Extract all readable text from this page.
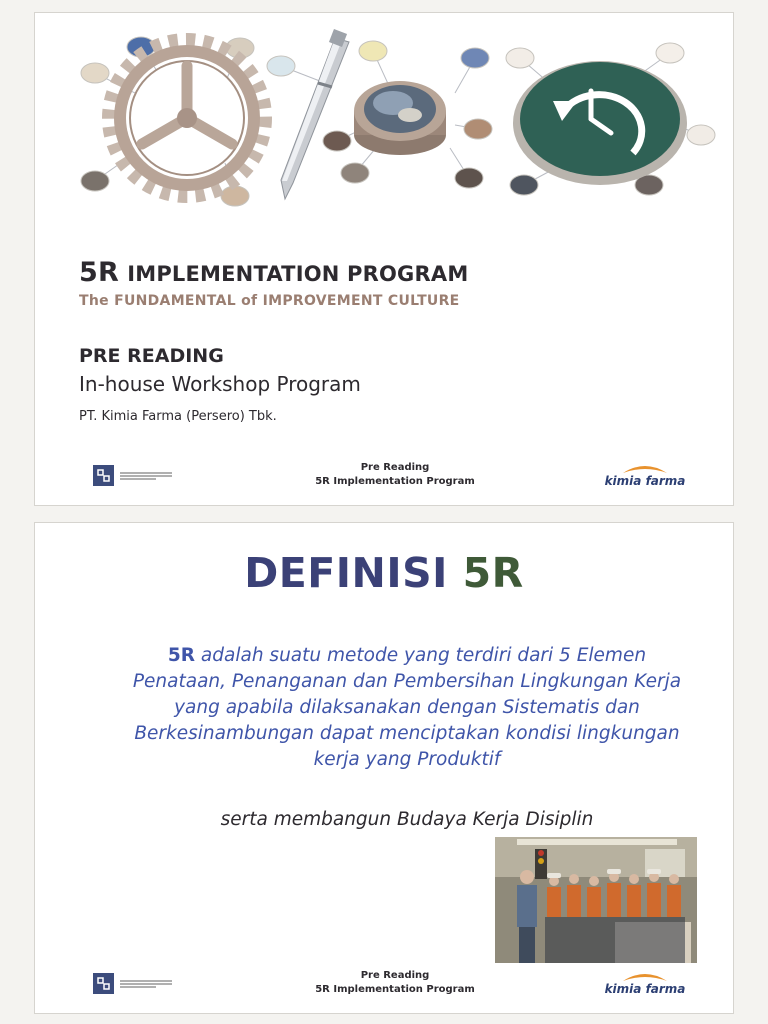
5R IMPLEMENTATION PROGRAM

The FUNDAMENTAL of IMPROVEMENT CULTURE

PRE READING

In-house Workshop Program

PT. Kimia Farma (Persero) Tbk.

Pre Reading
5R Implementation Program	kimia farma
DEFINISI 5R

5R adalah suatu metode yang terdiri dari 5 Elemen Penataan, Penanganan dan Pembersihan Lingkungan Kerja yang apabila dilaksanakan dengan Sistematis dan Berkesinambungan dapat menciptakan kondisi lingkungan kerja yang Produktif

serta membangun Budaya Kerja Disiplin

Pre Reading
5R Implementation Program	kimia farma
